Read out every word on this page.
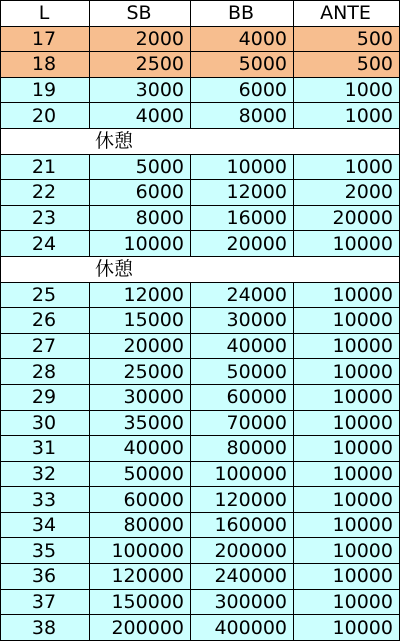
L	SB	BB	ANTE
17	2000	4000	500
18	2500	5000	500
19	3000	6000	1000
20	4000	8000	1000
休憩			
21	5000	10000	1000
22	6000	12000	2000
23	8000	16000	20000
24	10000	20000	10000
休憩			
25	12000	24000	10000
26	15000	30000	10000
27	20000	40000	10000
28	25000	50000	10000
29	30000	60000	10000
30	35000	70000	10000
31	40000	80000	10000
32	50000	100000	10000
33	60000	120000	10000
34	80000	160000	10000
35	100000	200000	10000
36	120000	240000	10000
37	150000	300000	10000
38	200000	400000	10000
